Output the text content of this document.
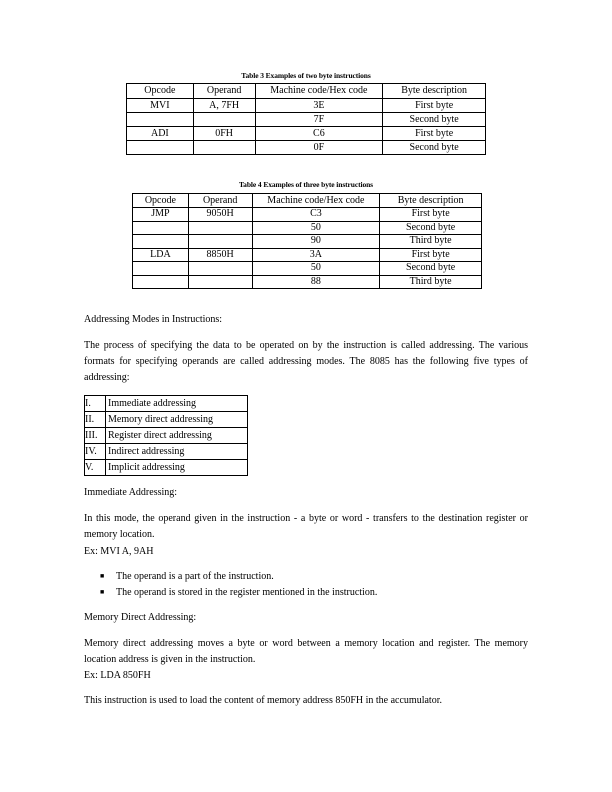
Table 3 Examples of two byte instructions
Opcode	Operand	Machine code/Hex code	Byte description
MVI	A, 7FH	3E	First byte
		7F	Second byte
ADI	0FH	C6	First byte
		0F	Second byte
Table 4 Examples of three byte instructions
Opcode	Operand	Machine code/Hex code	Byte description
JMP	9050H	C3	First byte
		50	Second byte
		90	Third byte
LDA	8850H	3A	First byte
		50	Second byte
		88	Third byte
Addressing Modes in Instructions:
The process of specifying the data to be operated on by the instruction is called addressing. The various formats for specifying operands are called addressing modes. The 8085 has the following five types of addressing:
I.	Immediate addressing
II.	Memory direct addressing
III.	Register direct addressing
IV.	Indirect addressing
V.	Implicit addressing
Immediate Addressing:
In this mode, the operand given in the instruction - a byte or word - transfers to the destination register or memory location.
Ex: MVI A, 9AH
■ The operand is a part of the instruction.
■ The operand is stored in the register mentioned in the instruction.
Memory Direct Addressing:
Memory direct addressing moves a byte or word between a memory location and register. The memory location address is given in the instruction.
Ex: LDA 850FH
This instruction is used to load the content of memory address 850FH in the accumulator.
